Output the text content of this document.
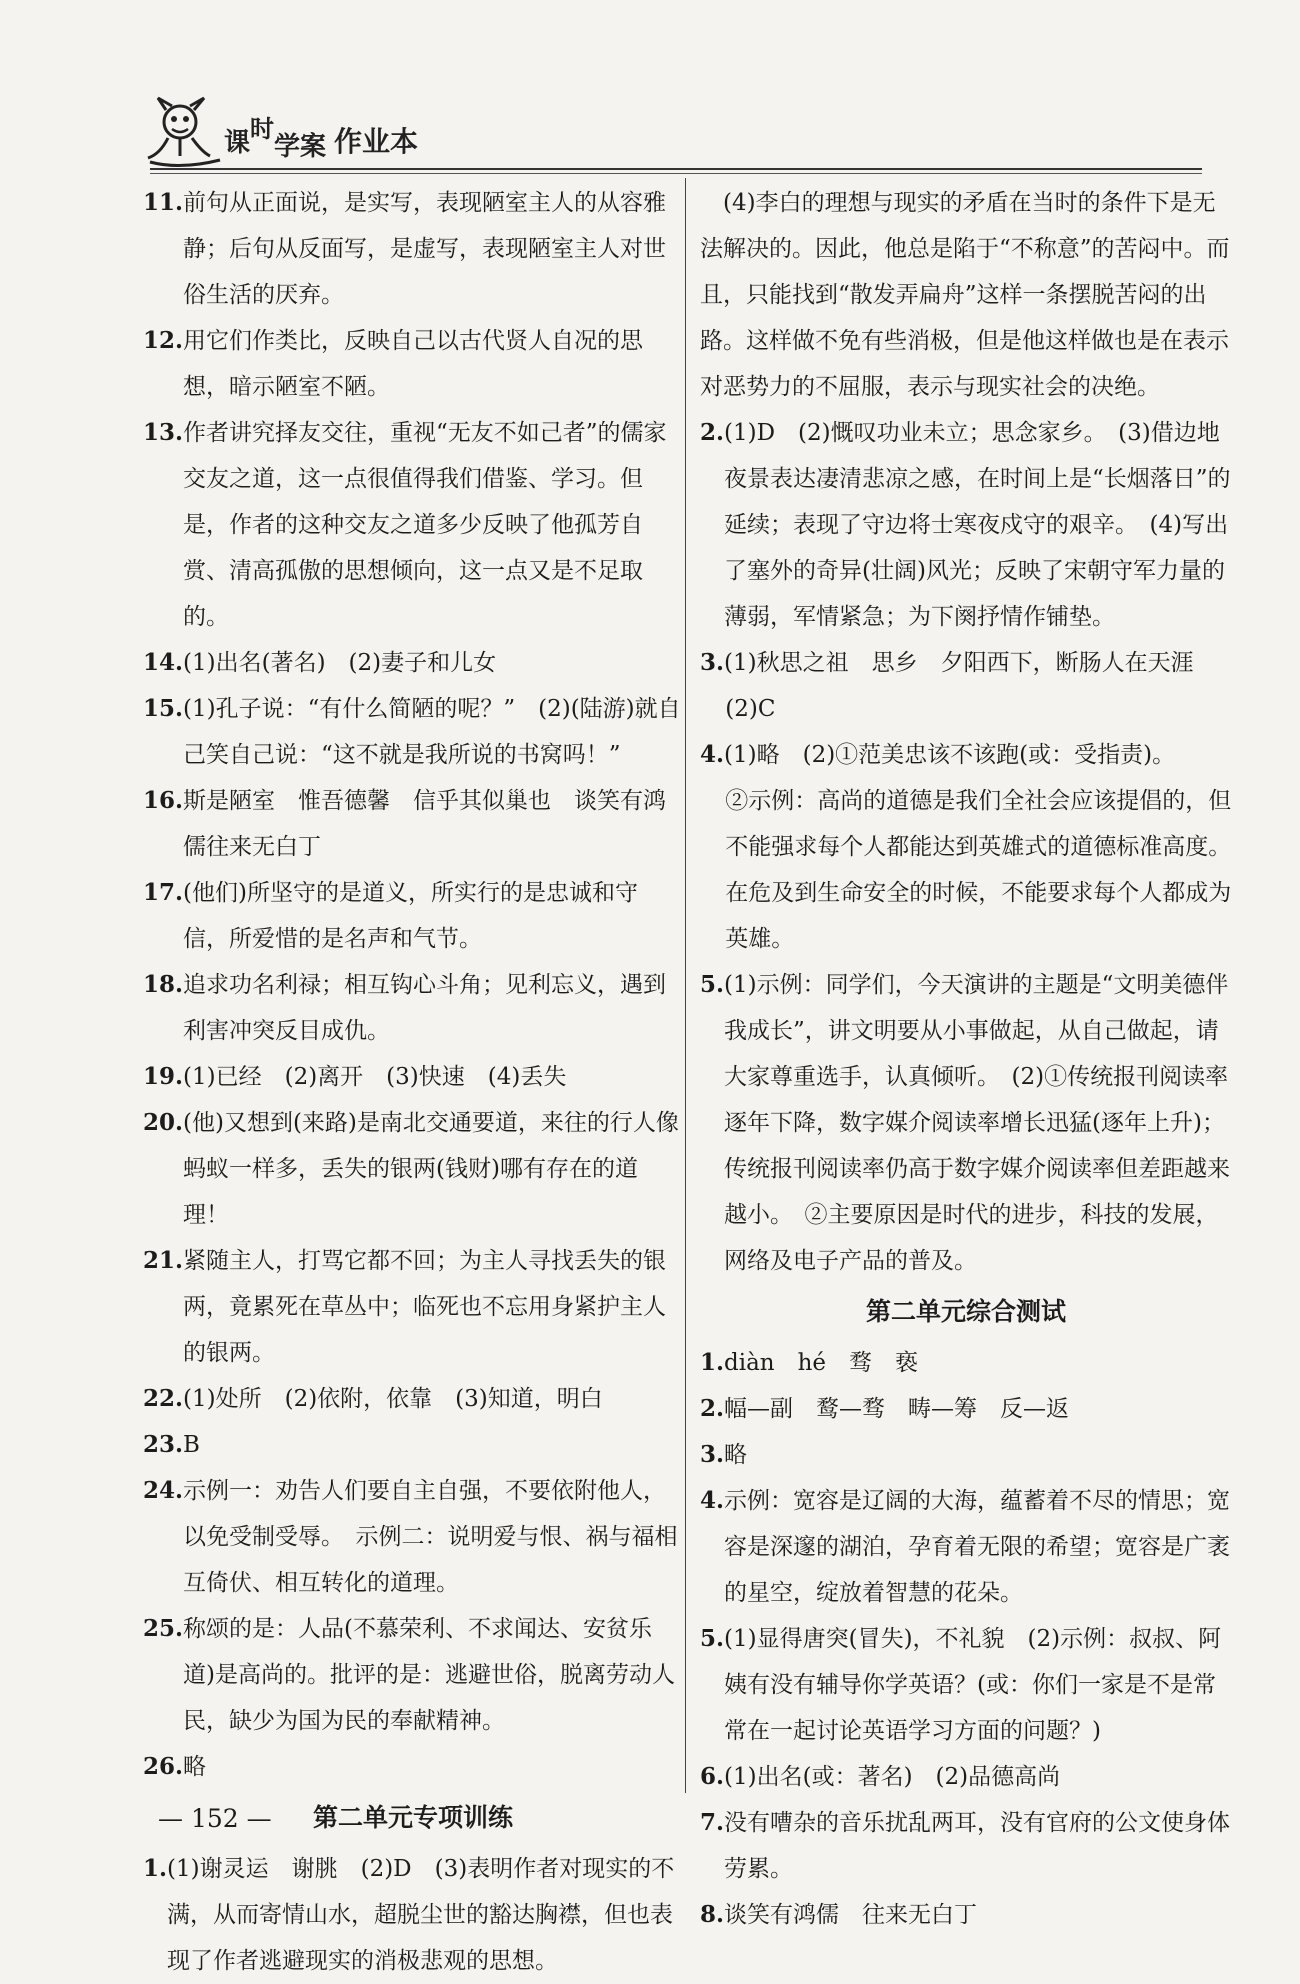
课时学案 作业本
11. 前句从正面说，是实写，表现陋室主人的从容雅静；后句从反面写，是虚写，表现陋室主人对世俗生活的厌弃。
12. 用它们作类比，反映自己以古代贤人自况的思想，暗示陋室不陋。
13. 作者讲究择友交往，重视“无友不如己者”的儒家交友之道，这一点很值得我们借鉴、学习。但是，作者的这种交友之道多少反映了他孤芳自赏、清高孤傲的思想倾向，这一点又是不足取的。
14. (1)出名(著名)　(2)妻子和儿女
15. (1)孔子说：“有什么简陋的呢？”　(2)(陆游)就自己笑自己说：“这不就是我所说的书窝吗！”
16. 斯是陋室　惟吾德馨　信乎其似巢也　谈笑有鸿儒往来无白丁
17. (他们)所坚守的是道义，所实行的是忠诚和守信，所爱惜的是名声和气节。
18. 追求功名利禄；相互钩心斗角；见利忘义，遇到利害冲突反目成仇。
19. (1)已经　(2)离开　(3)快速　(4)丢失
20. (他)又想到(来路)是南北交通要道，来往的行人像蚂蚁一样多，丢失的银两(钱财)哪有存在的道理！
21. 紧随主人，打骂它都不回；为主人寻找丢失的银两，竟累死在草丛中；临死也不忘用身紧护主人的银两。
22. (1)处所　(2)依附，依靠　(3)知道，明白
23. B
24. 示例一：劝告人们要自主自强，不要依附他人，以免受制受辱。　示例二：说明爱与恨、祸与福相互倚伏、相互转化的道理。
25. 称颂的是：人品(不慕荣利、不求闻达、安贫乐道)是高尚的。批评的是：逃避世俗，脱离劳动人民，缺少为国为民的奉献精神。
26. 略
第二单元专项训练
1. (1)谢灵运　谢朓　(2)D　(3)表明作者对现实的不满，从而寄情山水，超脱尘世的豁达胸襟，但也表现了作者逃避现实的消极悲观的思想。
(4)李白的理想与现实的矛盾在当时的条件下是无法解决的。因此，他总是陷于“不称意”的苦闷中。而且，只能找到“散发弄扁舟”这样一条摆脱苦闷的出路。这样做不免有些消极，但是他这样做也是在表示对恶势力的不屈服，表示与现实社会的决绝。
2. (1)D　(2)慨叹功业未立；思念家乡。　(3)借边地夜景表达凄清悲凉之感，在时间上是“长烟落日”的延续；表现了守边将士寒夜戍守的艰辛。　(4)写出了塞外的奇异(壮阔)风光；反映了宋朝守军力量的薄弱，军情紧急；为下阕抒情作铺垫。
3. (1)秋思之祖　思乡　夕阳西下，断肠人在天涯
(2)C
4. (1)略　(2)①范美忠该不该跑(或：受指责)。
②示例：高尚的道德是我们全社会应该提倡的，但不能强求每个人都能达到英雄式的道德标准高度。在危及到生命安全的时候，不能要求每个人都成为英雄。
5. (1)示例：同学们，今天演讲的主题是“文明美德伴我成长”，讲文明要从小事做起，从自己做起，请大家尊重选手，认真倾听。　(2)①传统报刊阅读率逐年下降，数字媒介阅读率增长迅猛(逐年上升)；传统报刊阅读率仍高于数字媒介阅读率但差距越来越小。　②主要原因是时代的进步，科技的发展，网络及电子产品的普及。
第二单元综合测试
1. diàn　hé　骛　亵
2. 幅—副　鹜—骛　畴—筹　反—返
3. 略
4. 示例：宽容是辽阔的大海，蕴蓄着不尽的情思；宽容是深邃的湖泊，孕育着无限的希望；宽容是广袤的星空，绽放着智慧的花朵。
5. (1)显得唐突(冒失)，不礼貌　(2)示例：叔叔、阿姨有没有辅导你学英语？(或：你们一家是不是常常在一起讨论英语学习方面的问题？)
6. (1)出名(或：著名)　(2)品德高尚
7. 没有嘈杂的音乐扰乱两耳，没有官府的公文使身体劳累。
8. 谈笑有鸿儒　往来无白丁
— 152 —
